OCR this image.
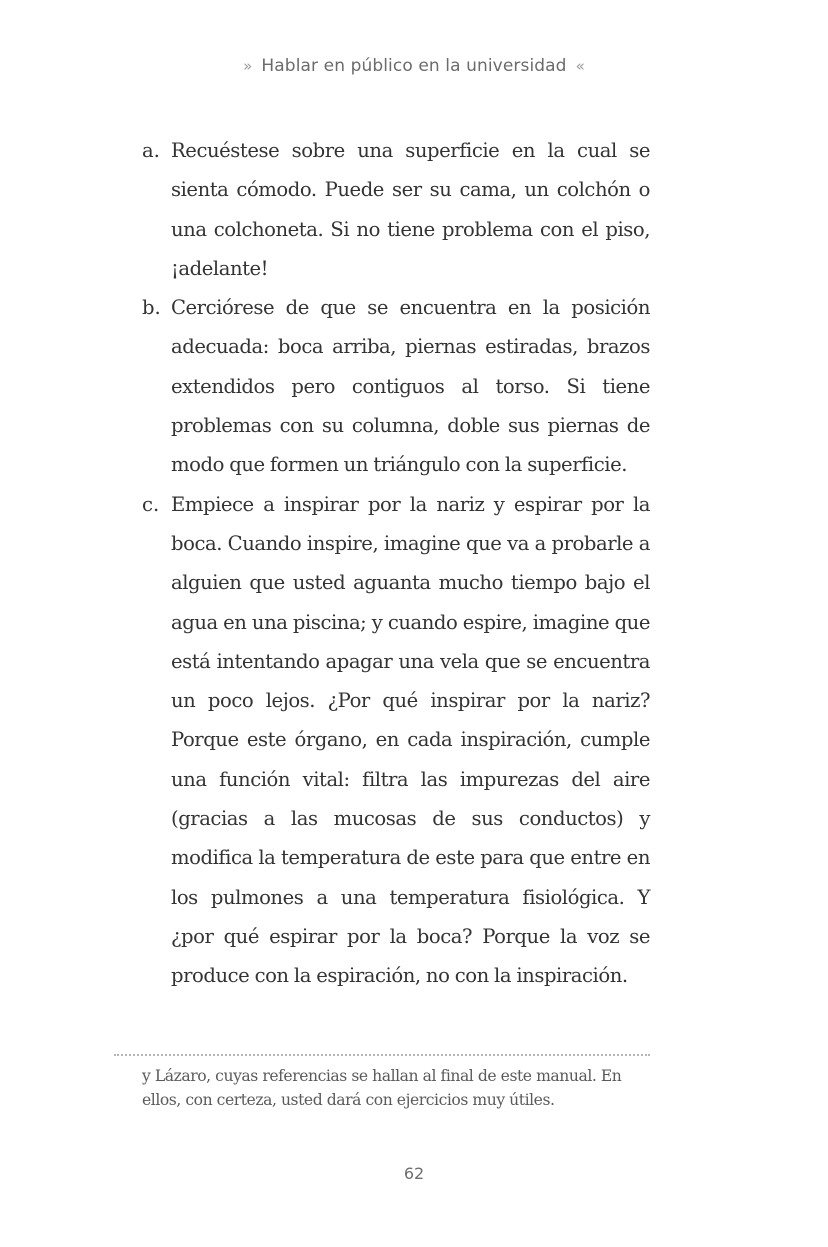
» Hablar en público en la universidad «
a. Recuéstese sobre una superficie en la cual se sienta cómodo. Puede ser su cama, un colchón o una colchoneta. Si no tiene problema con el piso, ¡adelante!
b. Cerciórese de que se encuentra en la posición adecuada: boca arriba, piernas estiradas, brazos extendidos pero contiguos al torso. Si tiene problemas con su columna, doble sus piernas de modo que formen un triángulo con la superficie.
c. Empiece a inspirar por la nariz y espirar por la boca. Cuando inspire, imagine que va a probarle a alguien que usted aguanta mucho tiempo bajo el agua en una piscina; y cuando espire, imagine que está intentando apagar una vela que se encuentra un poco lejos. ¿Por qué inspirar por la nariz? Porque este órgano, en cada inspiración, cumple una función vital: filtra las impurezas del aire (gracias a las mucosas de sus conductos) y modifica la temperatura de este para que entre en los pulmones a una temperatura fisiológica. Y ¿por qué espirar por la boca? Porque la voz se produce con la espiración, no con la inspiración.
y Lázaro, cuyas referencias se hallan al final de este manual. En ellos, con certeza, usted dará con ejercicios muy útiles.
62
